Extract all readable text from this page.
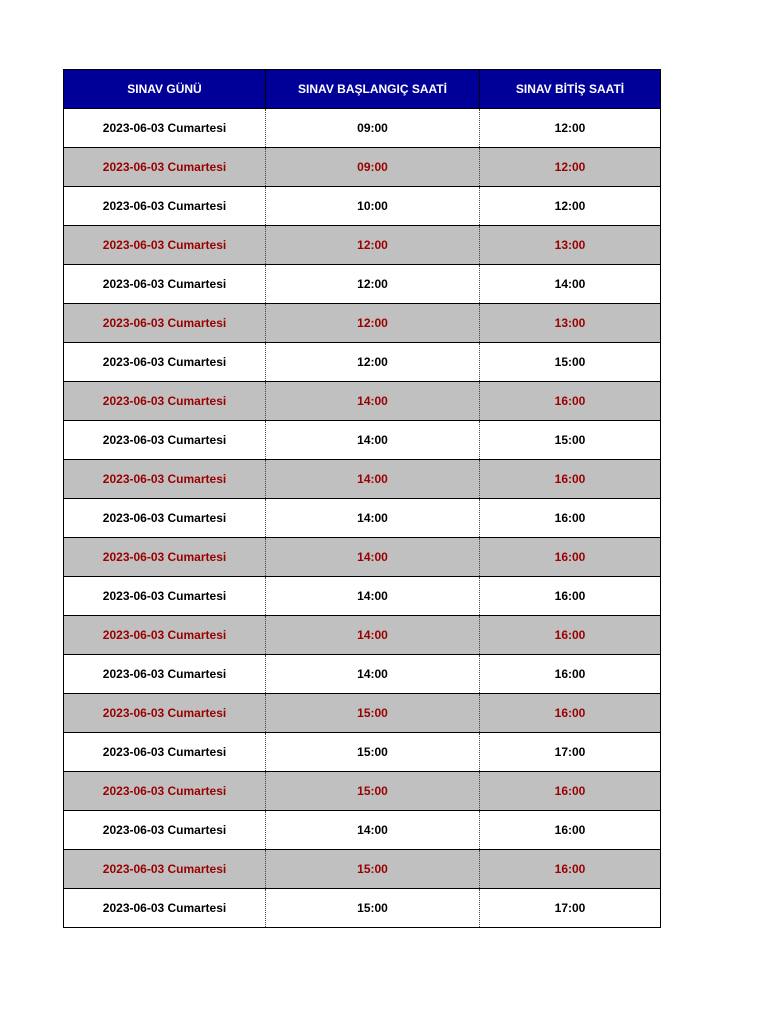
SINAV GÜNÜ	SINAV BAŞLANGIÇ SAATİ	SINAV BİTİŞ SAATİ
2023-06-03 Cumartesi	09:00	12:00
2023-06-03 Cumartesi	09:00	12:00
2023-06-03 Cumartesi	10:00	12:00
2023-06-03 Cumartesi	12:00	13:00
2023-06-03 Cumartesi	12:00	14:00
2023-06-03 Cumartesi	12:00	13:00
2023-06-03 Cumartesi	12:00	15:00
2023-06-03 Cumartesi	14:00	16:00
2023-06-03 Cumartesi	14:00	15:00
2023-06-03 Cumartesi	14:00	16:00
2023-06-03 Cumartesi	14:00	16:00
2023-06-03 Cumartesi	14:00	16:00
2023-06-03 Cumartesi	14:00	16:00
2023-06-03 Cumartesi	14:00	16:00
2023-06-03 Cumartesi	14:00	16:00
2023-06-03 Cumartesi	15:00	16:00
2023-06-03 Cumartesi	15:00	17:00
2023-06-03 Cumartesi	15:00	16:00
2023-06-03 Cumartesi	14:00	16:00
2023-06-03 Cumartesi	15:00	16:00
2023-06-03 Cumartesi	15:00	17:00
